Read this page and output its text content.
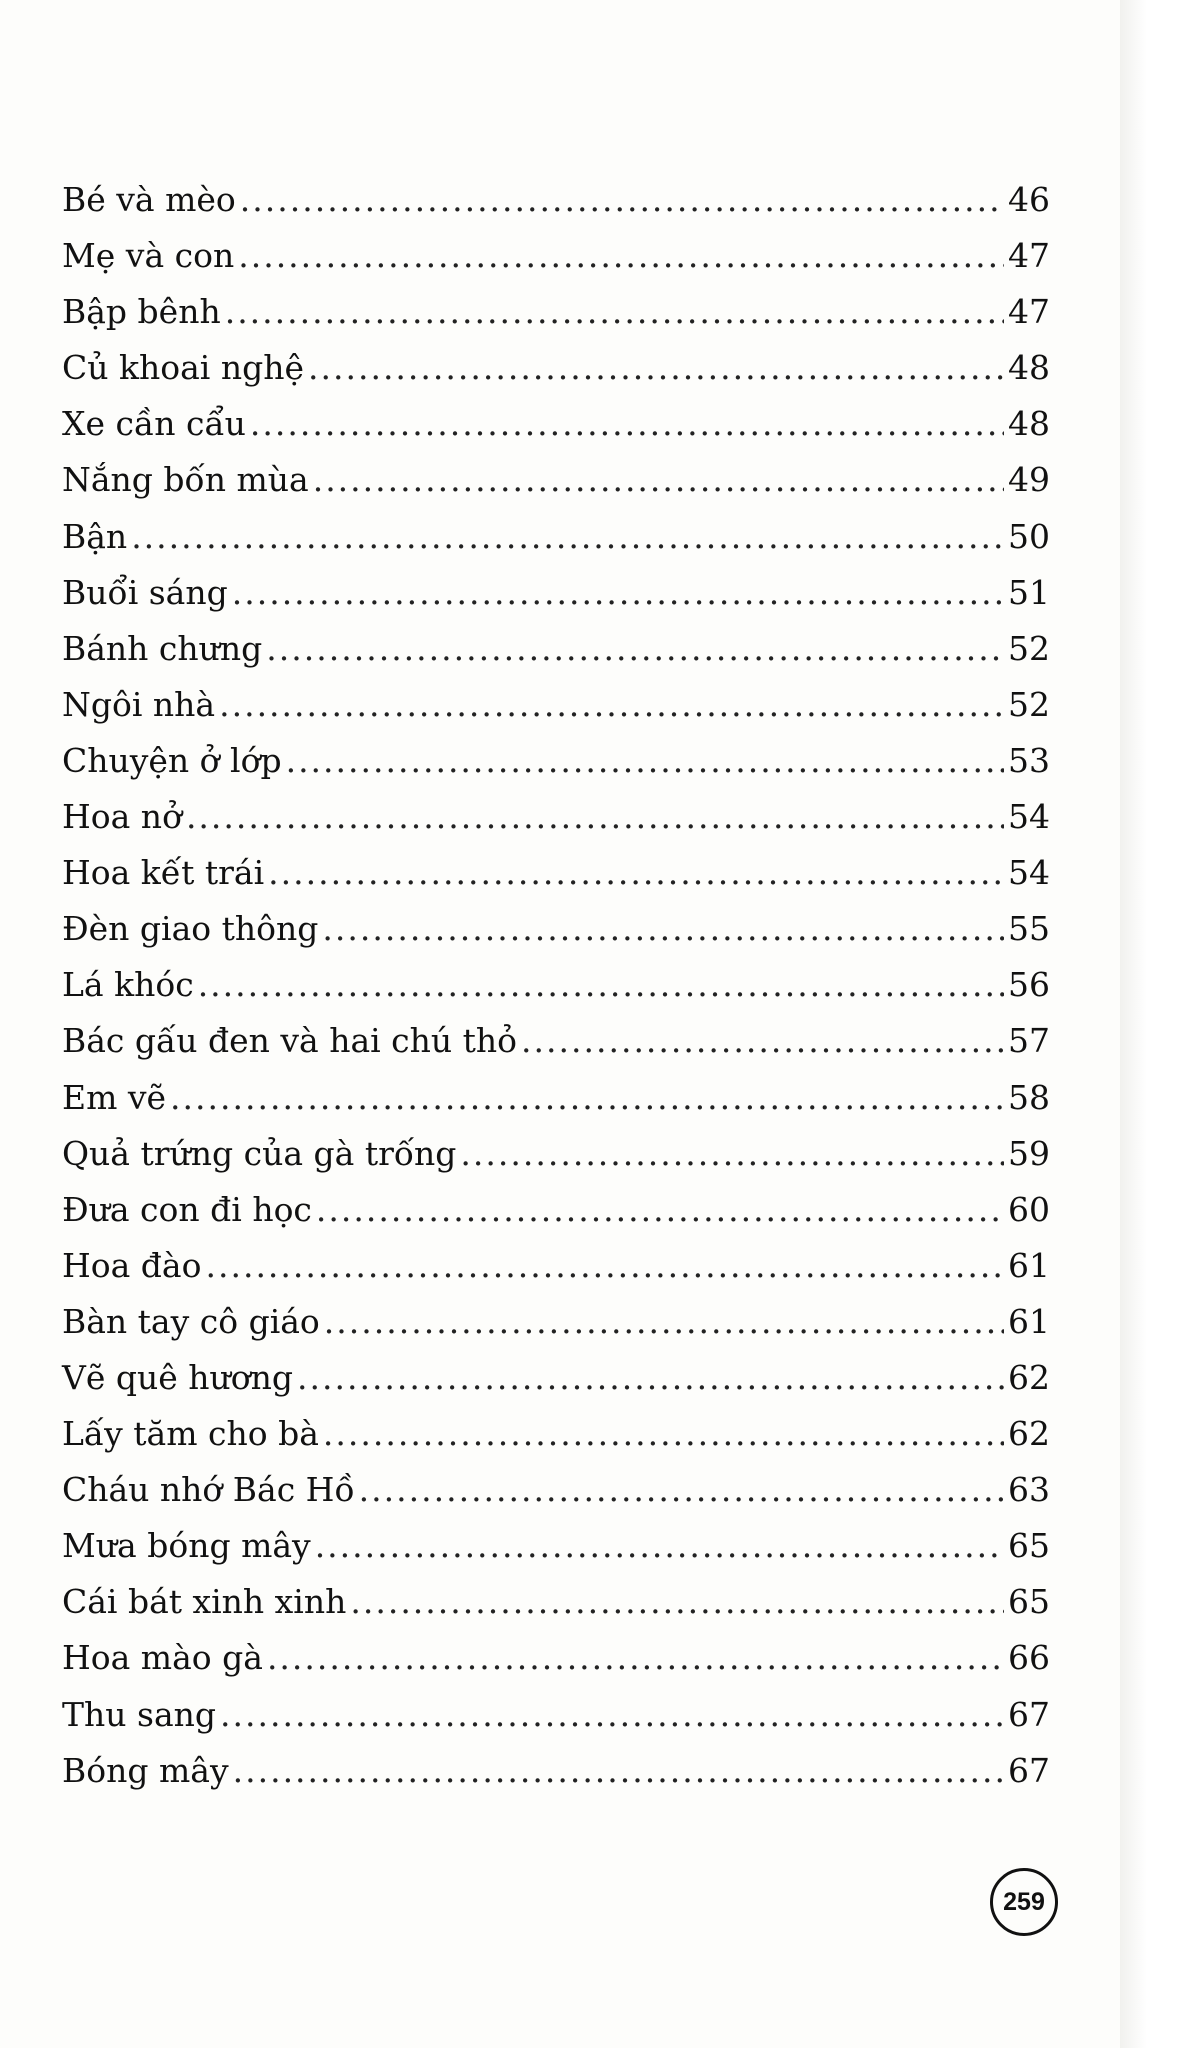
Bé và mèo .....	46
Mẹ và con .....	47
Bập bênh .....	47
Củ khoai nghệ .....	48
Xe cần cẩu .....	48
Nắng bốn mùa .....	49
Bận .....	50
Buổi sáng .....	51
Bánh chưng .....	52
Ngôi nhà .....	52
Chuyện ở lớp .....	53
Hoa nở .....	54
Hoa kết trái .....	54
Đèn giao thông .....	55
Lá khóc .....	56
Bác gấu đen và hai chú thỏ .....	57
Em vẽ .....	58
Quả trứng của gà trống .....	59
Đưa con đi học .....	60
Hoa đào .....	61
Bàn tay cô giáo .....	61
Vẽ quê hương .....	62
Lấy tăm cho bà .....	62
Cháu nhớ Bác Hồ .....	63
Mưa bóng mây .....	65
Cái bát xinh xinh .....	65
Hoa mào gà .....	66
Thu sang .....	67
Bóng mây .....	67
259
